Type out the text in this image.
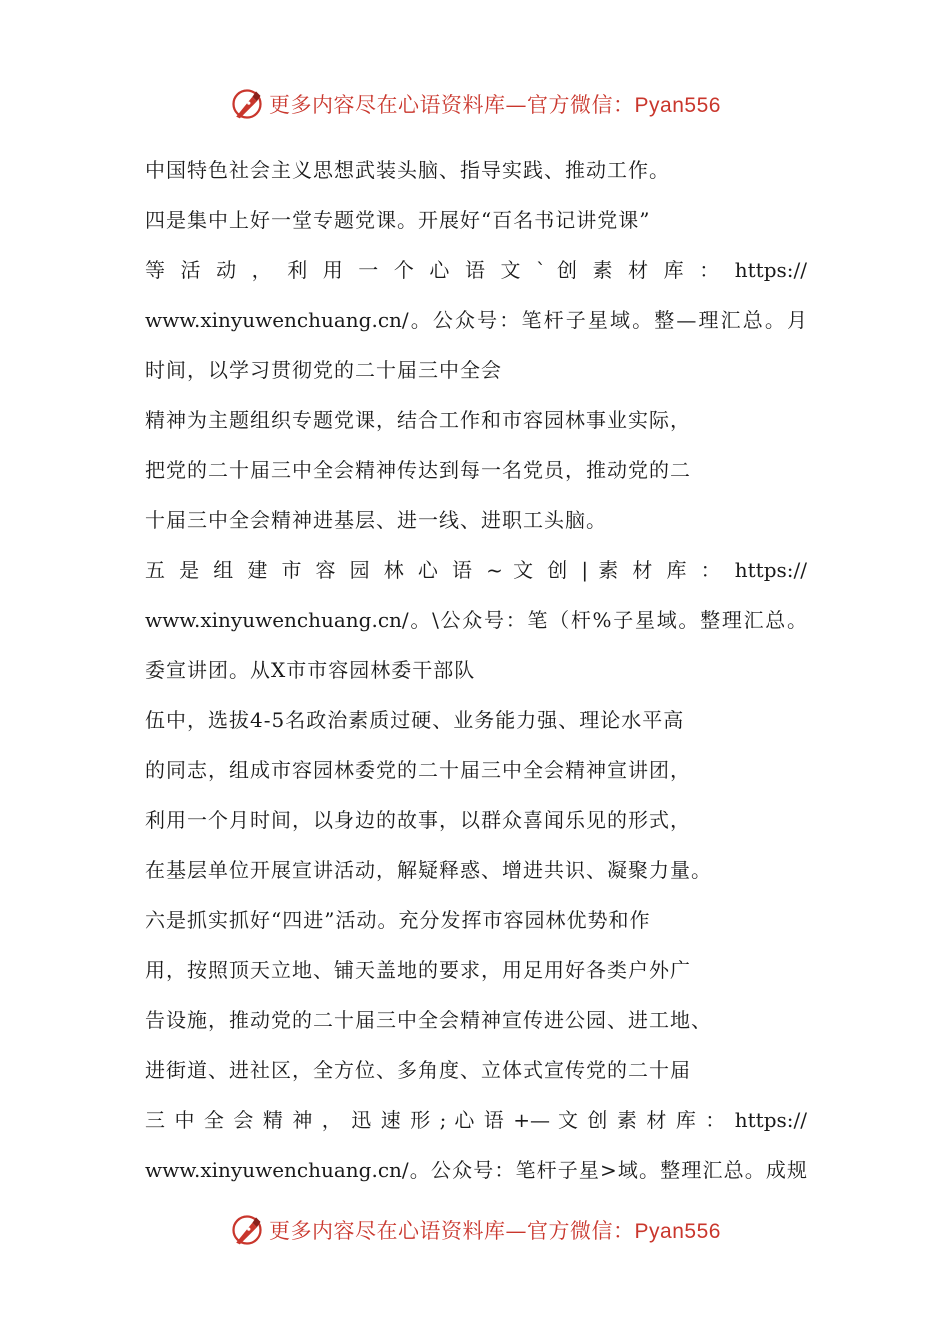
更多内容尽在心语资料库—官方微信：Pyan556
中国特色社会主义思想武装头脑、指导实践、推动工作。
四是集中上好一堂专题党课。开展好“百名书记讲党课”
等 活 动 ， 利 用 一 个 心 语 文 ` 创 素 材 库 ： https://
www.xinyuwenchuang.cn/。公众号：笔杆子星域。整—理汇总。月
时间，以学习贯彻党的二十届三中全会
精神为主题组织专题党课，结合工作和市容园林事业实际，
把党的二十届三中全会精神传达到每一名党员，推动党的二
十届三中全会精神进基层、进一线、进职工头脑。
五 是 组 建 市 容 园 林 心 语 ~ 文 创 | 素 材 库 ： https://
www.xinyuwenchuang.cn/。\公众号：笔（杆%子星域。整理汇总。
委宣讲团。从X市市容园林委干部队
伍中，选拔4-5名政治素质过硬、业务能力强、理论水平高
的同志，组成市容园林委党的二十届三中全会精神宣讲团，
利用一个月时间，以身边的故事，以群众喜闻乐见的形式，
在基层单位开展宣讲活动，解疑释惑、增进共识、凝聚力量。
六是抓实抓好“四进”活动。充分发挥市容园林优势和作
用，按照顶天立地、铺天盖地的要求，用足用好各类户外广
告设施，推动党的二十届三中全会精神宣传进公园、进工地、
进街道、进社区，全方位、多角度、立体式宣传党的二十届
三 中 全 会 精 神 ， 迅 速 形 ; 心 语 +— 文 创 素 材 库 ： https://
www.xinyuwenchuang.cn/。公众号：笔杆子星>域。整理汇总。成规
更多内容尽在心语资料库—官方微信：Pyan556
